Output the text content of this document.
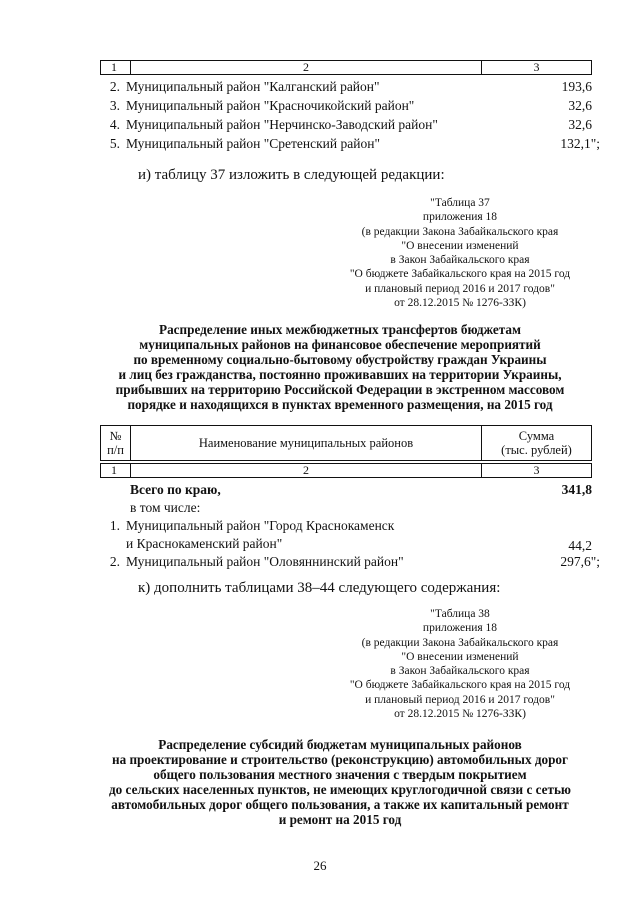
1	2	3
2. Муниципальный район "Калганский район"	193,6
3. Муниципальный район "Красночикойский район"	32,6
4. Муниципальный район "Нерчинско-Заводский район"	32,6
5. Муниципальный район "Сретенский район"	132,1";
и) таблицу 37 изложить в следующей редакции:
"Таблица 37
приложения 18
(в редакции Закона Забайкальского края
"О внесении изменений
в Закон Забайкальского края
"О бюджете Забайкальского края на 2015 год
и плановый период 2016 и 2017 годов"
от 28.12.2015 № 1276-ЗЗК)
Распределение иных межбюджетных трансфертов бюджетам
муниципальных районов на финансовое обеспечение мероприятий
по временному социально-бытовому обустройству граждан Украины
и лиц без гражданства, постоянно проживавших на территории Украины,
прибывших на территорию Российской Федерации в экстренном массовом
порядке и находящихся в пунктах временного размещения, на 2015 год
№
п/п	Наименование муниципальных районов	Сумма
(тыс. рублей)
1	2	3
Всего по краю,	341,8
в том числе:
1. Муниципальный район "Город Краснокаменск
и Краснокаменский район"	44,2
2. Муниципальный район "Оловяннинский район"	297,6";
к) дополнить таблицами 38–44 следующего содержания:
"Таблица 38
приложения 18
(в редакции Закона Забайкальского края
"О внесении изменений
в Закон Забайкальского края
"О бюджете Забайкальского края на 2015 год
и плановый период 2016 и 2017 годов"
от 28.12.2015 № 1276-ЗЗК)
Распределение субсидий бюджетам муниципальных районов
на проектирование и строительство (реконструкцию) автомобильных дорог
общего пользования местного значения с твердым покрытием
до сельских населенных пунктов, не имеющих круглогодичной связи с сетью
автомобильных дорог общего пользования, а также их капитальный ремонт
и ремонт на 2015 год
26
